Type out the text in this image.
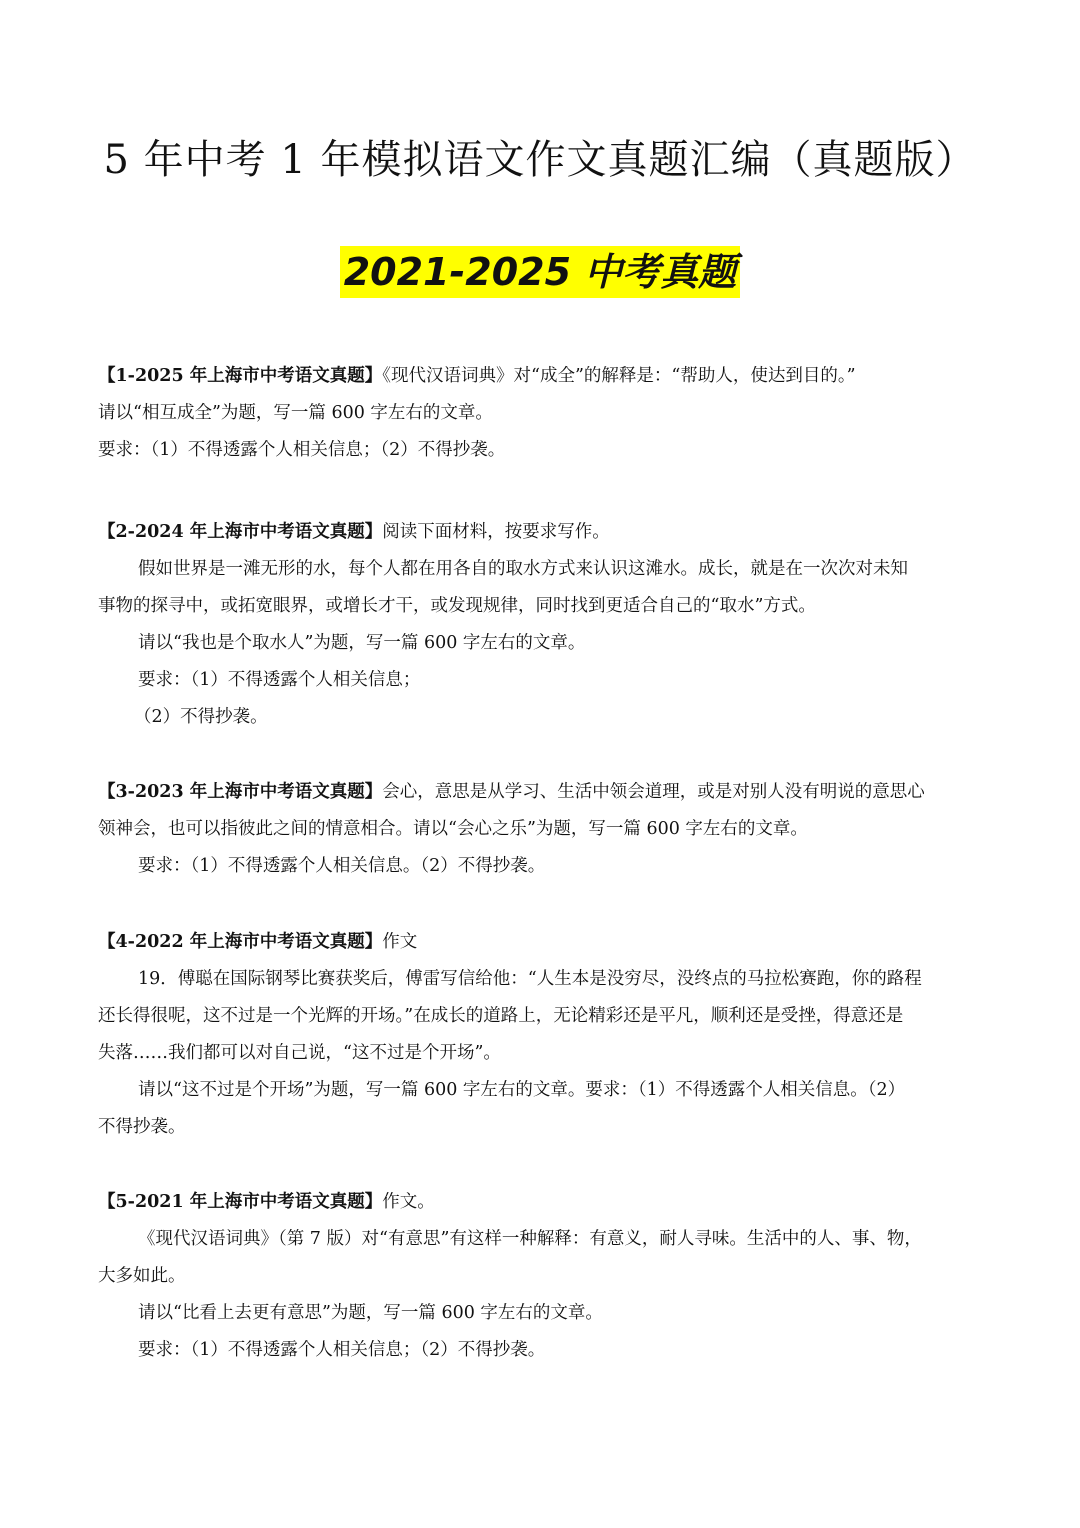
5 年中考 1 年模拟语文作文真题汇编（真题版）
2021-2025 中考真题

【1-2025 年上海市中考语文真题】《现代汉语词典》对“成全”的解释是：“帮助人，使达到目的。”

请以“相互成全”为题，写一篇 600 字左右的文章。

要求：（1）不得透露个人相关信息；（2）不得抄袭。

【2-2024 年上海市中考语文真题】阅读下面材料，按要求写作。

假如世界是一滩无形的水，每个人都在用各自的取水方式来认识这滩水。成长，就是在一次次对未知

事物的探寻中，或拓宽眼界，或增长才干，或发现规律，同时找到更适合自己的“取水”方式。

请以“我也是个取水人”为题，写一篇 600 字左右的文章。

要求：（1）不得透露个人相关信息；

（2）不得抄袭。

【3-2023 年上海市中考语文真题】会心，意思是从学习、生活中领会道理，或是对别人没有明说的意思心

领神会，也可以指彼此之间的情意相合。请以“会心之乐”为题，写一篇 600 字左右的文章。

要求：（1）不得透露个人相关信息。（2）不得抄袭。

【4-2022 年上海市中考语文真题】作文

19．傅聪在国际钢琴比赛获奖后，傅雷写信给他：“人生本是没穷尽，没终点的马拉松赛跑，你的路程

还长得很呢，这不过是一个光辉的开场。”在成长的道路上，无论精彩还是平凡，顺利还是受挫，得意还是

失落……我们都可以对自己说，“这不过是个开场”。

请以“这不过是个开场”为题，写一篇 600 字左右的文章。要求：（1）不得透露个人相关信息。（2）

不得抄袭。

【5-2021 年上海市中考语文真题】作文。

《现代汉语词典》（第 7 版）对“有意思”有这样一种解释：有意义，耐人寻味。生活中的人、事、物，

大多如此。

请以“比看上去更有意思”为题，写一篇 600 字左右的文章。

要求：（1）不得透露个人相关信息；（2）不得抄袭。
